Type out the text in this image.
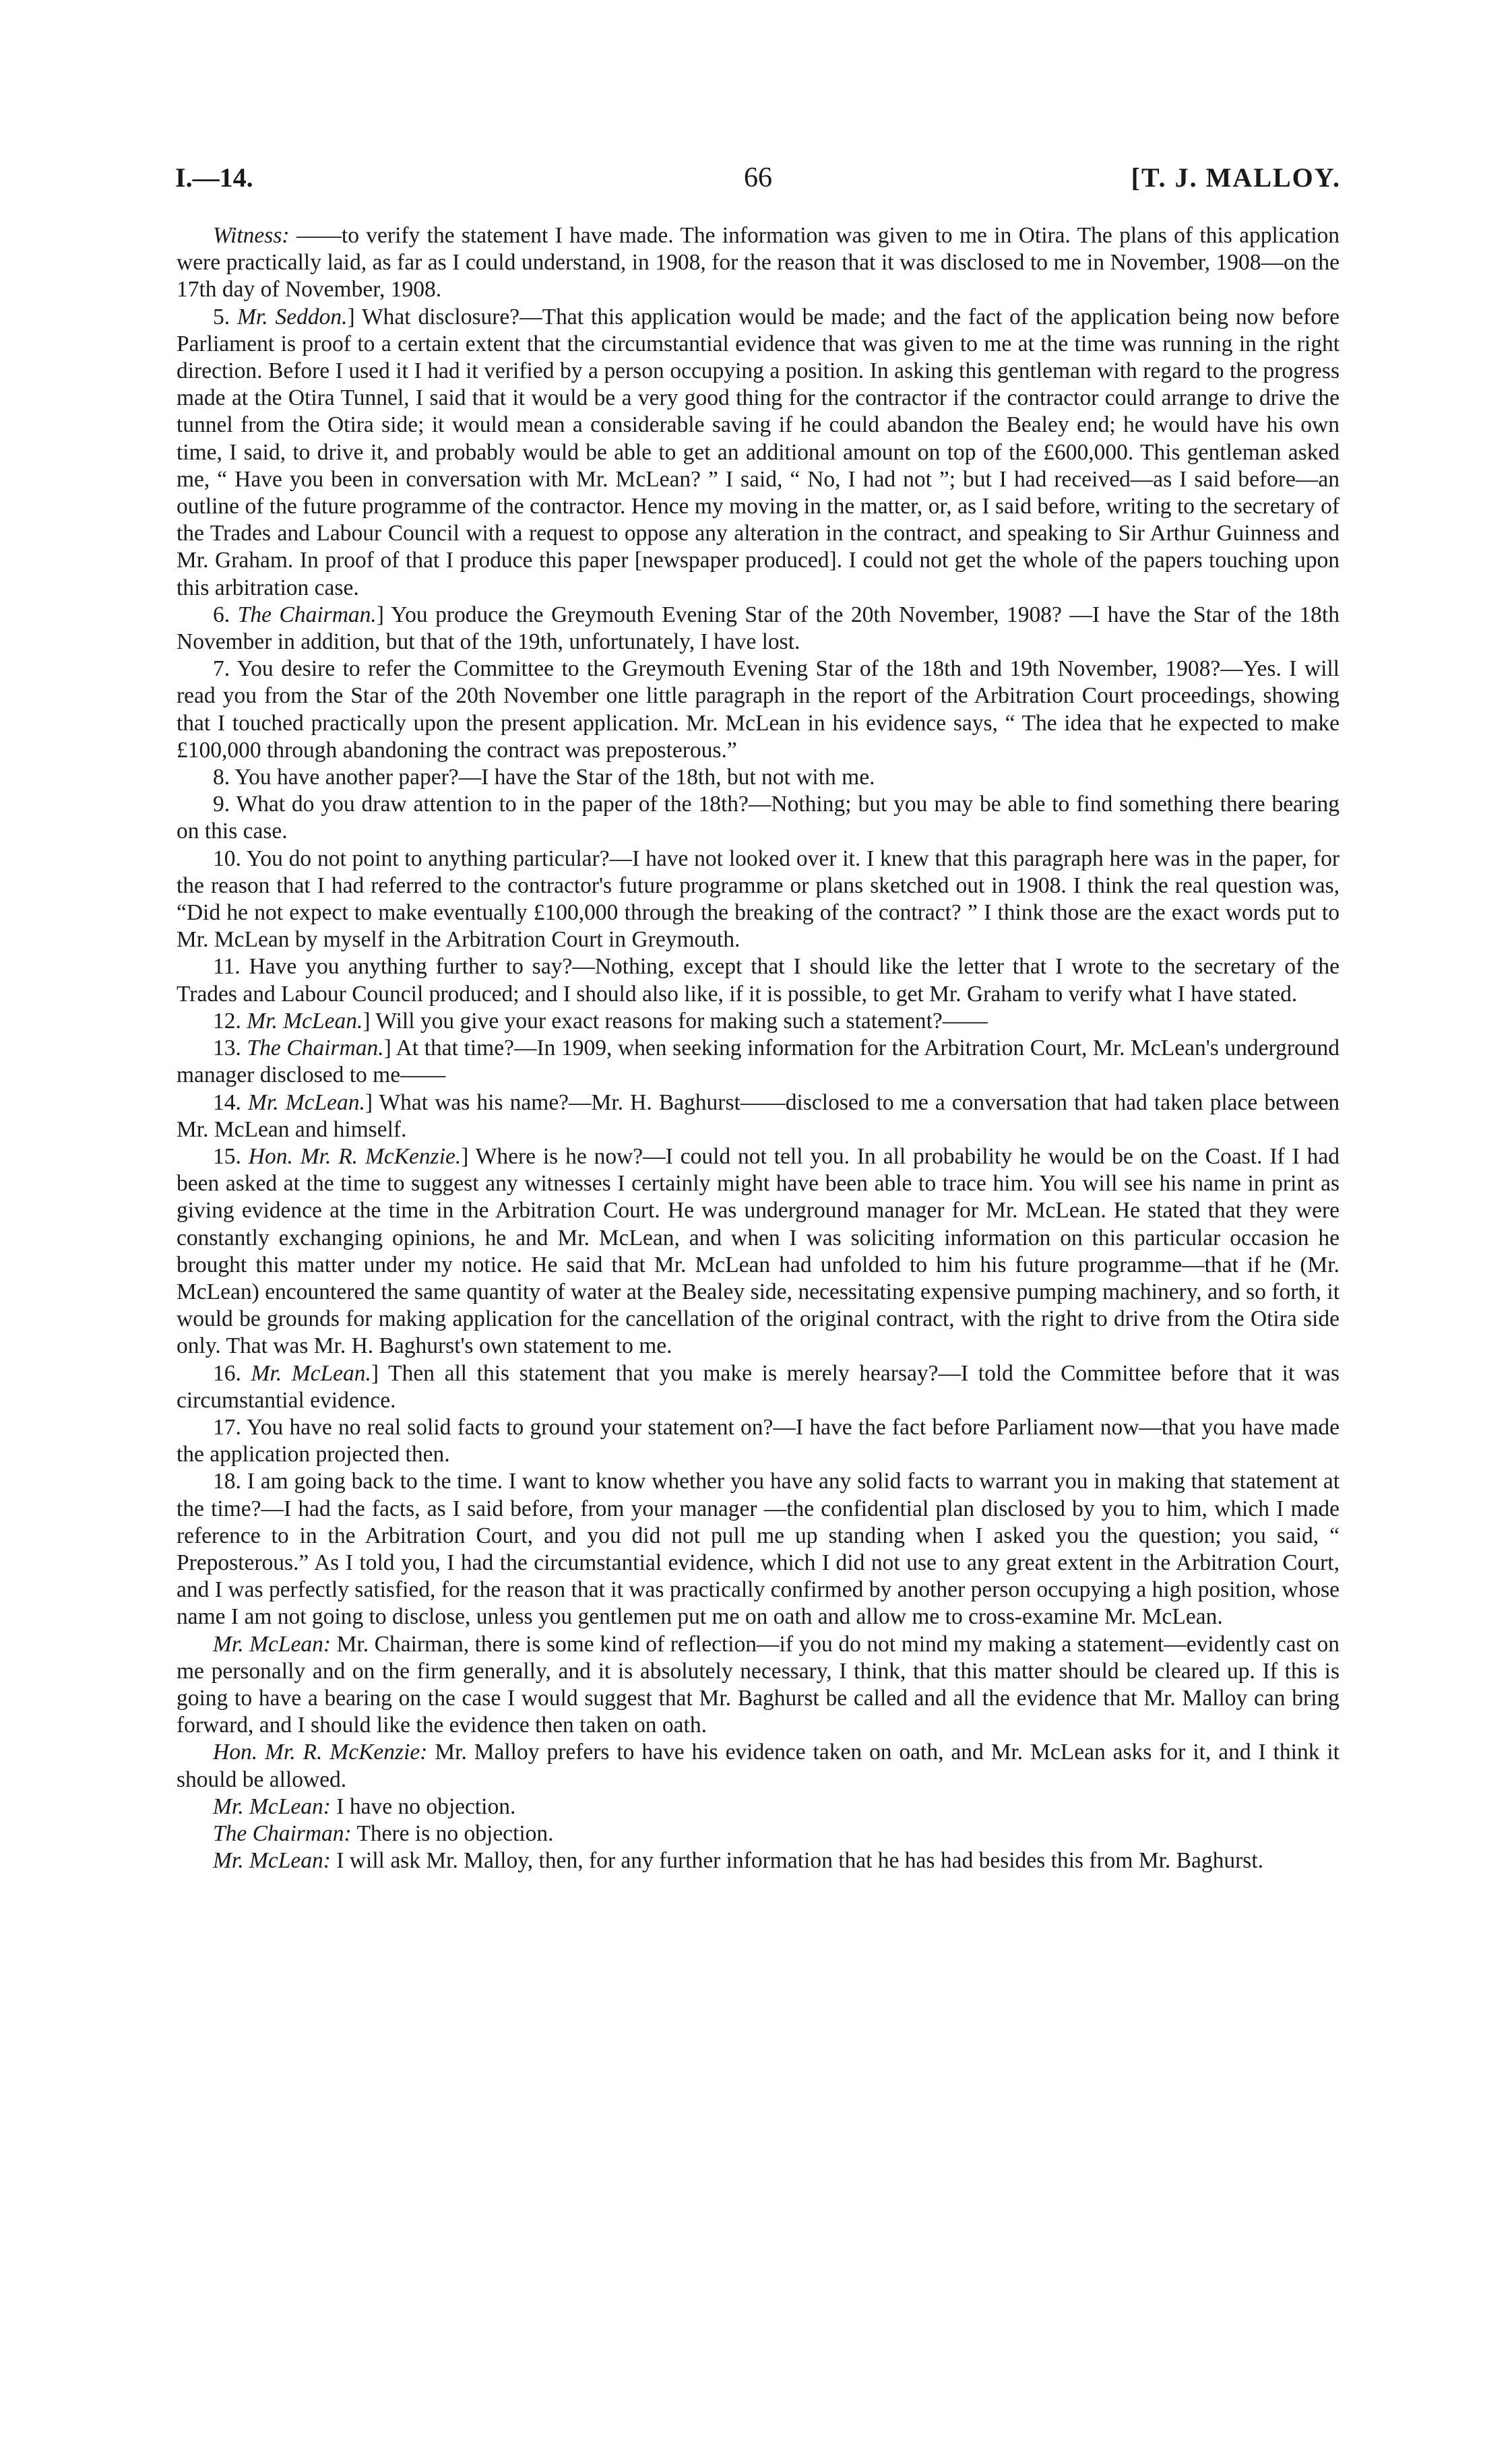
66
I.—14.	[T. J. MALLOY.

Witness: ——to verify the statement I have made. The information was given to me in Otira. The plans of this application were practically laid, as far as I could understand, in 1908, for the reason that it was disclosed to me in November, 1908—on the 17th day of November, 1908.

5. Mr. Seddon.] What disclosure?—That this application would be made; and the fact of the application being now before Parliament is proof to a certain extent that the circumstantial evidence that was given to me at the time was running in the right direction. Before I used it I had it verified by a person occupying a position. In asking this gentleman with regard to the progress made at the Otira Tunnel, I said that it would be a very good thing for the contractor if the contractor could arrange to drive the tunnel from the Otira side; it would mean a considerable saving if he could abandon the Bealey end; he would have his own time, I said, to drive it, and probably would be able to get an additional amount on top of the £600,000. This gentleman asked me, “ Have you been in conversation with Mr. McLean? ” I said, “ No, I had not ”; but I had received—as I said before—an outline of the future programme of the contractor. Hence my moving in the matter, or, as I said before, writing to the secretary of the Trades and Labour Council with a request to oppose any alteration in the contract, and speaking to Sir Arthur Guinness and Mr. Graham. In proof of that I produce this paper [newspaper produced]. I could not get the whole of the papers touching upon this arbitration case.

6. The Chairman.] You produce the Greymouth Evening Star of the 20th November, 1908? —I have the Star of the 18th November in addition, but that of the 19th, unfortunately, I have lost.

7. You desire to refer the Committee to the Greymouth Evening Star of the 18th and 19th November, 1908?—Yes. I will read you from the Star of the 20th November one little paragraph in the report of the Arbitration Court proceedings, showing that I touched practically upon the present application. Mr. McLean in his evidence says, “ The idea that he expected to make £100,000 through abandoning the contract was preposterous.”

8. You have another paper?—I have the Star of the 18th, but not with me.

9. What do you draw attention to in the paper of the 18th?—Nothing; but you may be able to find something there bearing on this case.

10. You do not point to anything particular?—I have not looked over it. I knew that this paragraph here was in the paper, for the reason that I had referred to the contractor's future programme or plans sketched out in 1908. I think the real question was, “Did he not expect to make eventually £100,000 through the breaking of the contract? ” I think those are the exact words put to Mr. McLean by myself in the Arbitration Court in Greymouth.

11. Have you anything further to say?—Nothing, except that I should like the letter that I wrote to the secretary of the Trades and Labour Council produced; and I should also like, if it is possible, to get Mr. Graham to verify what I have stated.

12. Mr. McLean.] Will you give your exact reasons for making such a statement?——

13. The Chairman.] At that time?—In 1909, when seeking information for the Arbitration Court, Mr. McLean's underground manager disclosed to me——

14. Mr. McLean.] What was his name?—Mr. H. Baghurst——disclosed to me a conversation that had taken place between Mr. McLean and himself.

15. Hon. Mr. R. McKenzie.] Where is he now?—I could not tell you. In all probability he would be on the Coast. If I had been asked at the time to suggest any witnesses I certainly might have been able to trace him. You will see his name in print as giving evidence at the time in the Arbitration Court. He was underground manager for Mr. McLean. He stated that they were constantly exchanging opinions, he and Mr. McLean, and when I was soliciting information on this particular occasion he brought this matter under my notice. He said that Mr. McLean had unfolded to him his future programme—that if he (Mr. McLean) encountered the same quantity of water at the Bealey side, necessitating expensive pumping machinery, and so forth, it would be grounds for making application for the cancellation of the original contract, with the right to drive from the Otira side only. That was Mr. H. Baghurst's own statement to me.

16. Mr. McLean.] Then all this statement that you make is merely hearsay?—I told the Committee before that it was circumstantial evidence.

17. You have no real solid facts to ground your statement on?—I have the fact before Parliament now—that you have made the application projected then.

18. I am going back to the time. I want to know whether you have any solid facts to warrant you in making that statement at the time?—I had the facts, as I said before, from your manager —the confidential plan disclosed by you to him, which I made reference to in the Arbitration Court, and you did not pull me up standing when I asked you the question; you said, “ Preposterous.” As I told you, I had the circumstantial evidence, which I did not use to any great extent in the Arbitration Court, and I was perfectly satisfied, for the reason that it was practically confirmed by another person occupying a high position, whose name I am not going to disclose, unless you gentlemen put me on oath and allow me to cross-examine Mr. McLean.

Mr. McLean: Mr. Chairman, there is some kind of reflection—if you do not mind my making a statement—evidently cast on me personally and on the firm generally, and it is absolutely necessary, I think, that this matter should be cleared up. If this is going to have a bearing on the case I would suggest that Mr. Baghurst be called and all the evidence that Mr. Malloy can bring forward, and I should like the evidence then taken on oath.

Hon. Mr. R. McKenzie: Mr. Malloy prefers to have his evidence taken on oath, and Mr. McLean asks for it, and I think it should be allowed.

Mr. McLean: I have no objection.

The Chairman: There is no objection.

Mr. McLean: I will ask Mr. Malloy, then, for any further information that he has had besides this from Mr. Baghurst.
